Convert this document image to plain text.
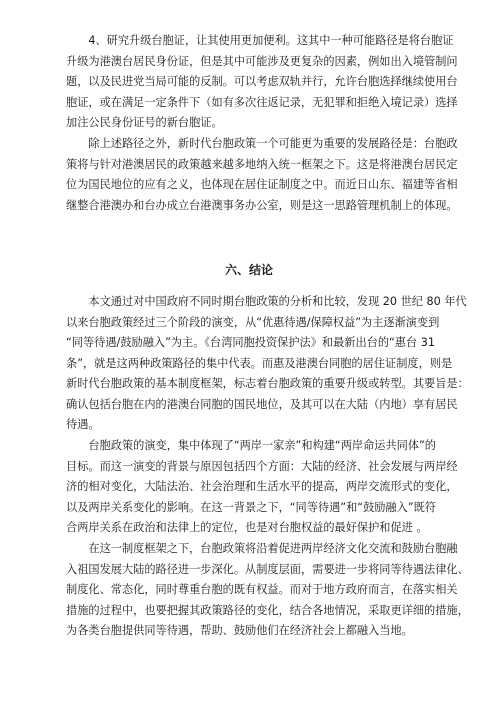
　　4、研究升级台胞证，让其使用更加便利。这其中一种可能路径是将台胞证
升级为港澳台居民身份证，但是其中可能涉及更复杂的因素，例如出入境管制问
题，以及民进党当局可能的反制。可以考虑双轨并行，允许台胞选择继续使用台
胞证，或在满足一定条件下（如有多次往返记录，无犯罪和拒绝入境记录）选择
加注公民身份证号的新台胞证。
　　除上述路径之外，新时代台胞政策一个可能更为重要的发展路径是：台胞政
策将与针对港澳居民的政策越来越多地纳入统一框架之下。这是将港澳台居民定
位为国民地位的应有之义，也体现在居住证制度之中。而近日山东、福建等省相
继整合港澳办和台办成立台港澳事务办公室，则是这一思路管理机制上的体现。
六、结论
　　本文通过对中国政府不同时期台胞政策的分析和比较，发现 20 世纪 80 年代
以来台胞政策经过三个阶段的演变，从“优惠待遇/保障权益”为主逐渐演变到
“同等待遇/鼓励融入”为主。《台湾同胞投资保护法》和最新出台的“惠台 31
条”，就是这两种政策路径的集中代表。而惠及港澳台同胞的居住证制度，则是
新时代台胞政策的基本制度框架，标志着台胞政策的重要升级或转型。其要旨是：
确认包括台胞在内的港澳台同胞的国民地位，及其可以在大陆（内地）享有居民
待遇。
　　台胞政策的演变，集中体现了“两岸一家亲”和构建“两岸命运共同体”的
目标。而这一演变的背景与原因包括四个方面：大陆的经济、社会发展与两岸经
济的相对变化，大陆法治、社会治理和生活水平的提高，两岸交流形式的变化，
以及两岸关系变化的影响。在这一背景之下，“同等待遇”和“鼓励融入”既符
合两岸关系在政治和法律上的定位，也是对台胞权益的最好保护和促进 。
　　在这一制度框架之下，台胞政策将沿着促进两岸经济文化交流和鼓励台胞融
入祖国发展大陆的路径进一步深化。从制度层面，需要进一步将同等待遇法律化、
制度化、常态化，同时尊重台胞的既有权益。而对于地方政府而言，在落实相关
措施的过程中，也要把握其政策路径的变化，结合各地情况，采取更详细的措施，
为各类台胞提供同等待遇，帮助、鼓励他们在经济社会上都融入当地。
